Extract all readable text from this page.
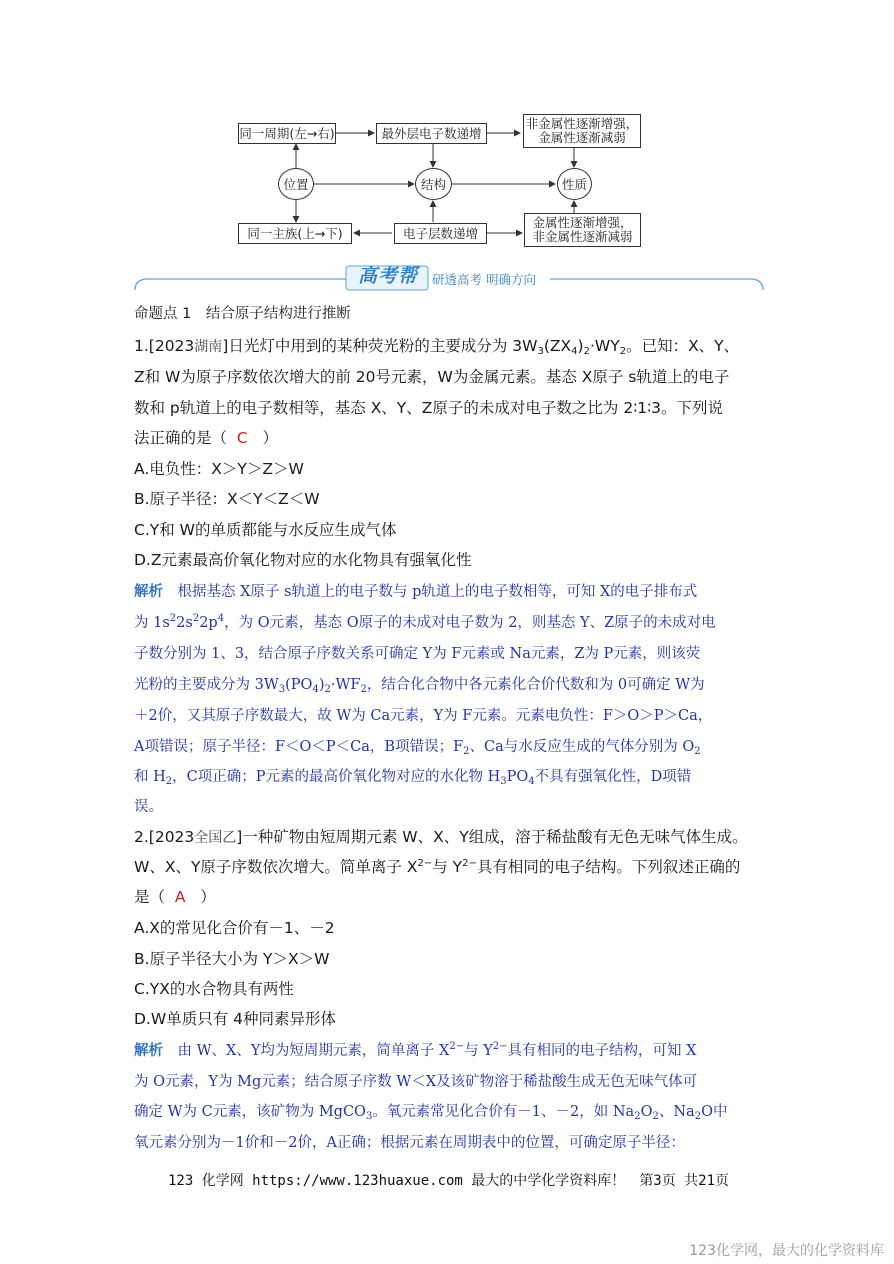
同一周期(左→右)	最外层电子数递增
非金属性逐渐增强，
金属性逐渐减弱
位置	结构	性质
同一主族(上→下)	电子层数递增
金属性逐渐增强，
非金属性逐渐减弱
高考帮	研透高考 明确方向
命题点 1　结合原子结构进行推断
1.[2023湖南]日光灯中用到的某种荧光粉的主要成分为 $3W_3(ZX_4)_2\cdot WY_2$。已知：X、Y、
Z和 W为原子序数依次增大的前 20号元素，W为金属元素。基态 X原子 s轨道上的电子
数和 p轨道上的电子数相等，基态 X、Y、Z原子的未成对电子数之比为 2∶1∶3。下列说
法正确的是（ C ）
A.电负性：X＞Y＞Z＞W
B.原子半径：X＜Y＜Z＜W
C.Y和 W的单质都能与水反应生成气体
D.Z元素最高价氧化物对应的水化物具有强氧化性
解析　根据基态 X原子 s轨道上的电子数与 p轨道上的电子数相等，可知 X的电子排布式
为 $1s^22s^22p^4$，为 O元素，基态 O原子的未成对电子数为 2，则基态 Y、Z原子的未成对电
子数分别为 1、3，结合原子序数关系可确定 Y为 F元素或 Na元素，Z为 P元素，则该荧
光粉的主要成分为 $3W_3(PO_4)_2\cdot WF_2$，结合化合物中各元素化合价代数和为 0可确定 W为
＋2价，又其原子序数最大，故 W为 Ca元素，Y为 F元素。元素电负性：F＞O＞P＞Ca，
A项错误；原子半径：F＜O＜P＜Ca，B项错误；$F_2$、Ca与水反应生成的气体分别为 $O_2$
和 $H_2$，C项正确；P元素的最高价氧化物对应的水化物 $H_3PO_4$不具有强氧化性，D项错
误。
2.[2023全国乙]一种矿物由短周期元素 W、X、Y组成，溶于稀盐酸有无色无味气体生成。
W、X、Y原子序数依次增大。简单离子 $X^{2-}$与 $Y^{2-}$具有相同的电子结构。下列叙述正确的
是（ A ）
A.X的常见化合价有－1、－2
B.原子半径大小为 Y＞X＞W
C.YX的水合物具有两性
D.W单质只有 4种同素异形体
解析　由 W、X、Y均为短周期元素，简单离子 $X^{2-}$与 $Y^{2-}$具有相同的电子结构，可知 X
为 O元素，Y为 Mg元素；结合原子序数 W＜X及该矿物溶于稀盐酸生成无色无味气体可
确定 W为 C元素，该矿物为 MgCO$_3$。氧元素常见化合价有－1、－2，如 $Na_2O_2$、$Na_2O$中
氧元素分别为－1价和－2价，A正确；根据元素在周期表中的位置，可确定原子半径：
123 化学网 https://www.123huaxue.com 最大的中学化学资料库！　第3页 共21页
123化学网，最大的化学资料库
